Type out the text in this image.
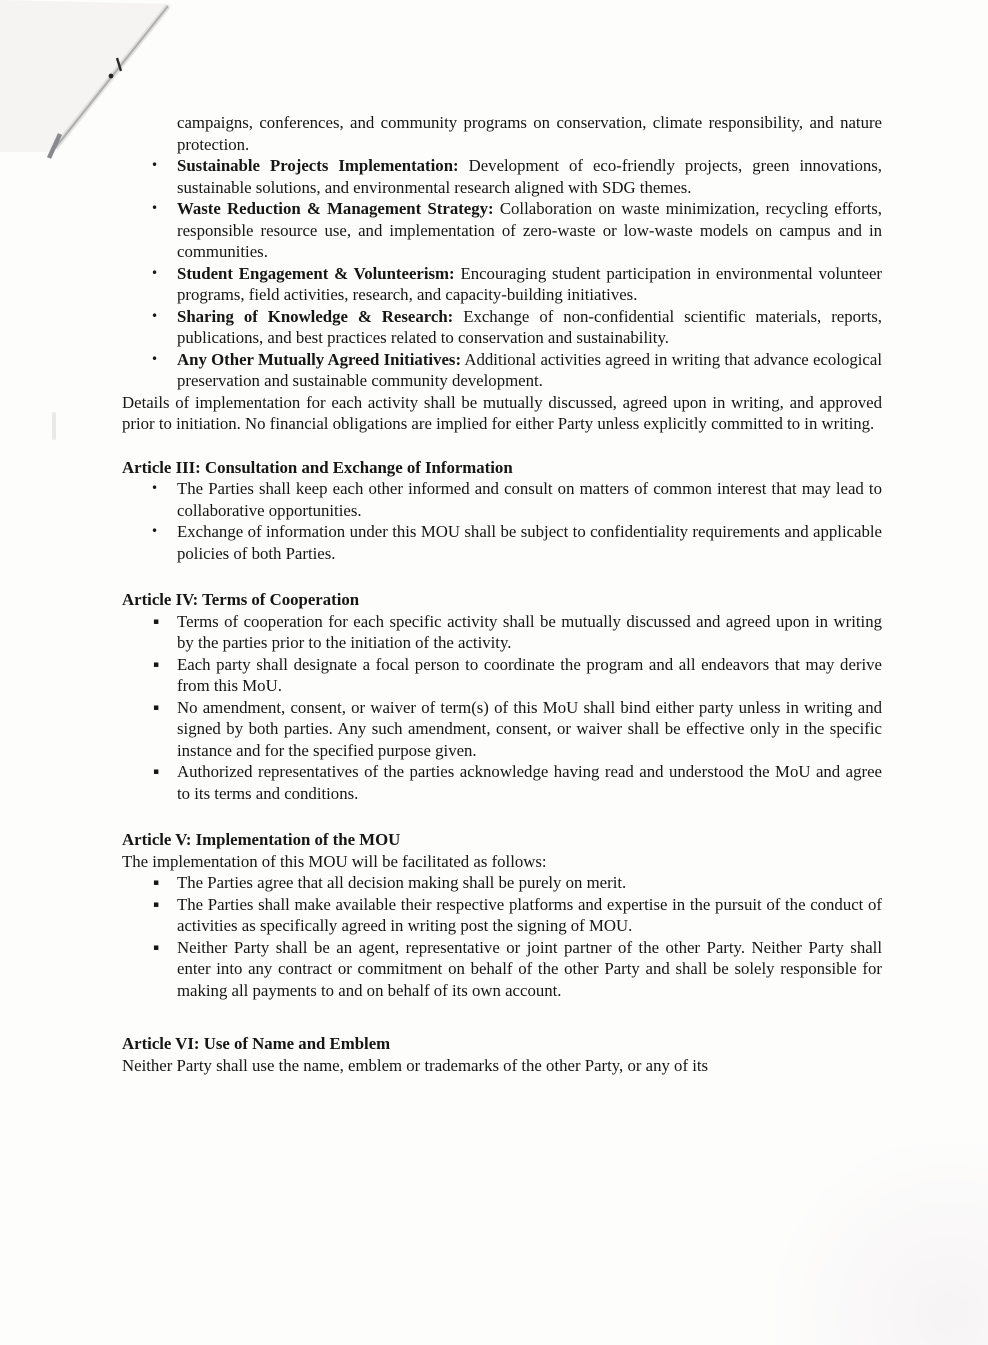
campaigns, conferences, and community programs on conservation, climate responsibility, and nature protection.

•	Sustainable Projects Implementation: Development of eco-friendly projects, green innovations, sustainable solutions, and environmental research aligned with SDG themes.

•	Waste Reduction & Management Strategy: Collaboration on waste minimization, recycling efforts, responsible resource use, and implementation of zero-waste or low-waste models on campus and in communities.

•	Student Engagement & Volunteerism: Encouraging student participation in environmental volunteer programs, field activities, research, and capacity-building initiatives.

•	Sharing of Knowledge & Research: Exchange of non-confidential scientific materials, reports, publications, and best practices related to conservation and sustainability.

•	Any Other Mutually Agreed Initiatives: Additional activities agreed in writing that advance ecological preservation and sustainable community development.

Details of implementation for each activity shall be mutually discussed, agreed upon in writing, and approved prior to initiation. No financial obligations are implied for either Party unless explicitly committed to in writing.

Article III: Consultation and Exchange of Information
•	The Parties shall keep each other informed and consult on matters of common interest that may lead to collaborative opportunities.

•	Exchange of information under this MOU shall be subject to confidentiality requirements and applicable policies of both Parties.

Article IV: Terms of Cooperation
▪	Terms of cooperation for each specific activity shall be mutually discussed and agreed upon in writing by the parties prior to the initiation of the activity.

▪	Each party shall designate a focal person to coordinate the program and all endeavors that may derive from this MoU.

▪	No amendment, consent, or waiver of term(s) of this MoU shall bind either party unless in writing and signed by both parties. Any such amendment, consent, or waiver shall be effective only in the specific instance and for the specified purpose given.

▪	Authorized representatives of the parties acknowledge having read and understood the MoU and agree to its terms and conditions.

Article V: Implementation of the MOU

The implementation of this MOU will be facilitated as follows:

▪	The Parties agree that all decision making shall be purely on merit.

▪	The Parties shall make available their respective platforms and expertise in the pursuit of the conduct of activities as specifically agreed in writing post the signing of MOU.

▪	Neither Party shall be an agent, representative or joint partner of the other Party. Neither Party shall enter into any contract or commitment on behalf of the other Party and shall be solely responsible for making all payments to and on behalf of its own account.

Article VI: Use of Name and Emblem

Neither Party shall use the name, emblem or trademarks of the other Party, or any of its
